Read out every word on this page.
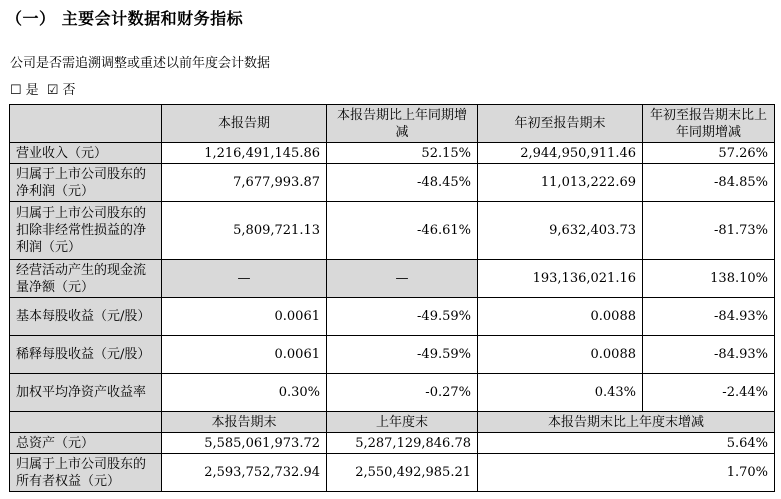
（一） 主要会计数据和财务指标
公司是否需追溯调整或重述以前年度会计数据
☐ 是 ☑ 否
	本报告期	本报告期比上年同期增减	年初至报告期末	年初至报告期末比上年同期增减
营业收入（元）	1,216,491,145.86	52.15%	2,944,950,911.46	57.26%
归属于上市公司股东的净利润（元）	7,677,993.87	-48.45%	11,013,222.69	-84.85%
归属于上市公司股东的扣除非经常性损益的净利润（元）	5,809,721.13	-46.61%	9,632,403.73	-81.73%
经营活动产生的现金流量净额（元）	—	—	193,136,021.16	138.10%
基本每股收益（元/股）	0.0061	-49.59%	0.0088	-84.93%
稀释每股收益（元/股）	0.0061	-49.59%	0.0088	-84.93%
加权平均净资产收益率	0.30%	-0.27%	0.43%	-2.44%
	本报告期末	上年度末	本报告期末比上年度末增减	
总资产（元）	5,585,061,973.72	5,287,129,846.78	5.64%	
归属于上市公司股东的所有者权益（元）	2,593,752,732.94	2,550,492,985.21	1.70%	
